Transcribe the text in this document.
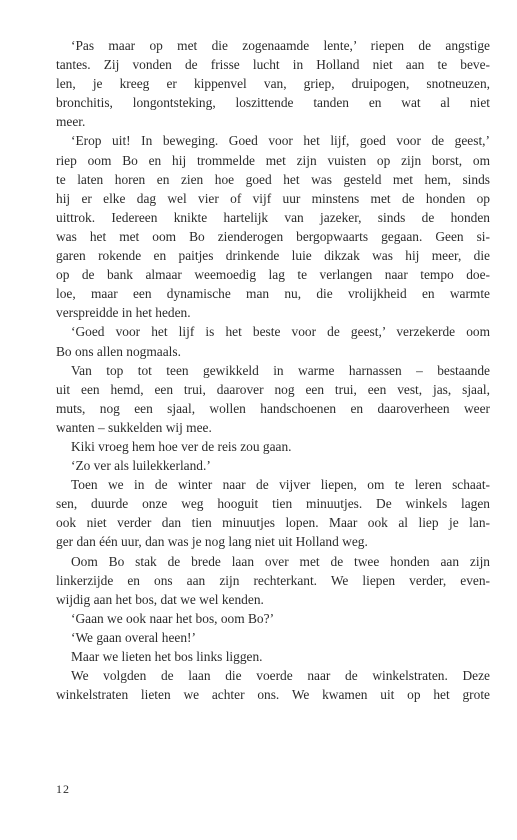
‘Pas maar op met die zogenaamde lente,’ riepen de angstige
tantes. Zij vonden de frisse lucht in Holland niet aan te beve-
len, je kreeg er kippenvel van, griep, druipogen, snotneuzen,
bronchitis, longontsteking, loszittende tanden en wat al niet
meer.
‘Erop uit! In beweging. Goed voor het lijf, goed voor de geest,’
riep oom Bo en hij trommelde met zijn vuisten op zijn borst, om
te laten horen en zien hoe goed het was gesteld met hem, sinds
hij er elke dag wel vier of vijf uur minstens met de honden op
uittrok. Iedereen knikte hartelijk van jazeker, sinds de honden
was het met oom Bo zienderogen bergopwaarts gegaan. Geen si-
garen rokende en paitjes drinkende luie dikzak was hij meer, die
op de bank almaar weemoedig lag te verlangen naar tempo doe-
loe, maar een dynamische man nu, die vrolijkheid en warmte
verspreidde in het heden.
‘Goed voor het lijf is het beste voor de geest,’ verzekerde oom
Bo ons allen nogmaals.
Van top tot teen gewikkeld in warme harnassen – bestaande
uit een hemd, een trui, daarover nog een trui, een vest, jas, sjaal,
muts, nog een sjaal, wollen handschoenen en daaroverheen weer
wanten – sukkelden wij mee.
Kiki vroeg hem hoe ver de reis zou gaan.
‘Zo ver als luilekkerland.’
Toen we in de winter naar de vijver liepen, om te leren schaat-
sen, duurde onze weg hooguit tien minuutjes. De winkels lagen
ook niet verder dan tien minuutjes lopen. Maar ook al liep je lan-
ger dan één uur, dan was je nog lang niet uit Holland weg.
Oom Bo stak de brede laan over met de twee honden aan zijn
linkerzijde en ons aan zijn rechterkant. We liepen verder, even-
wijdig aan het bos, dat we wel kenden.
‘Gaan we ook naar het bos, oom Bo?’
‘We gaan overal heen!’
Maar we lieten het bos links liggen.
We volgden de laan die voerde naar de winkelstraten. Deze
winkelstraten lieten we achter ons. We kwamen uit op het grote
12
